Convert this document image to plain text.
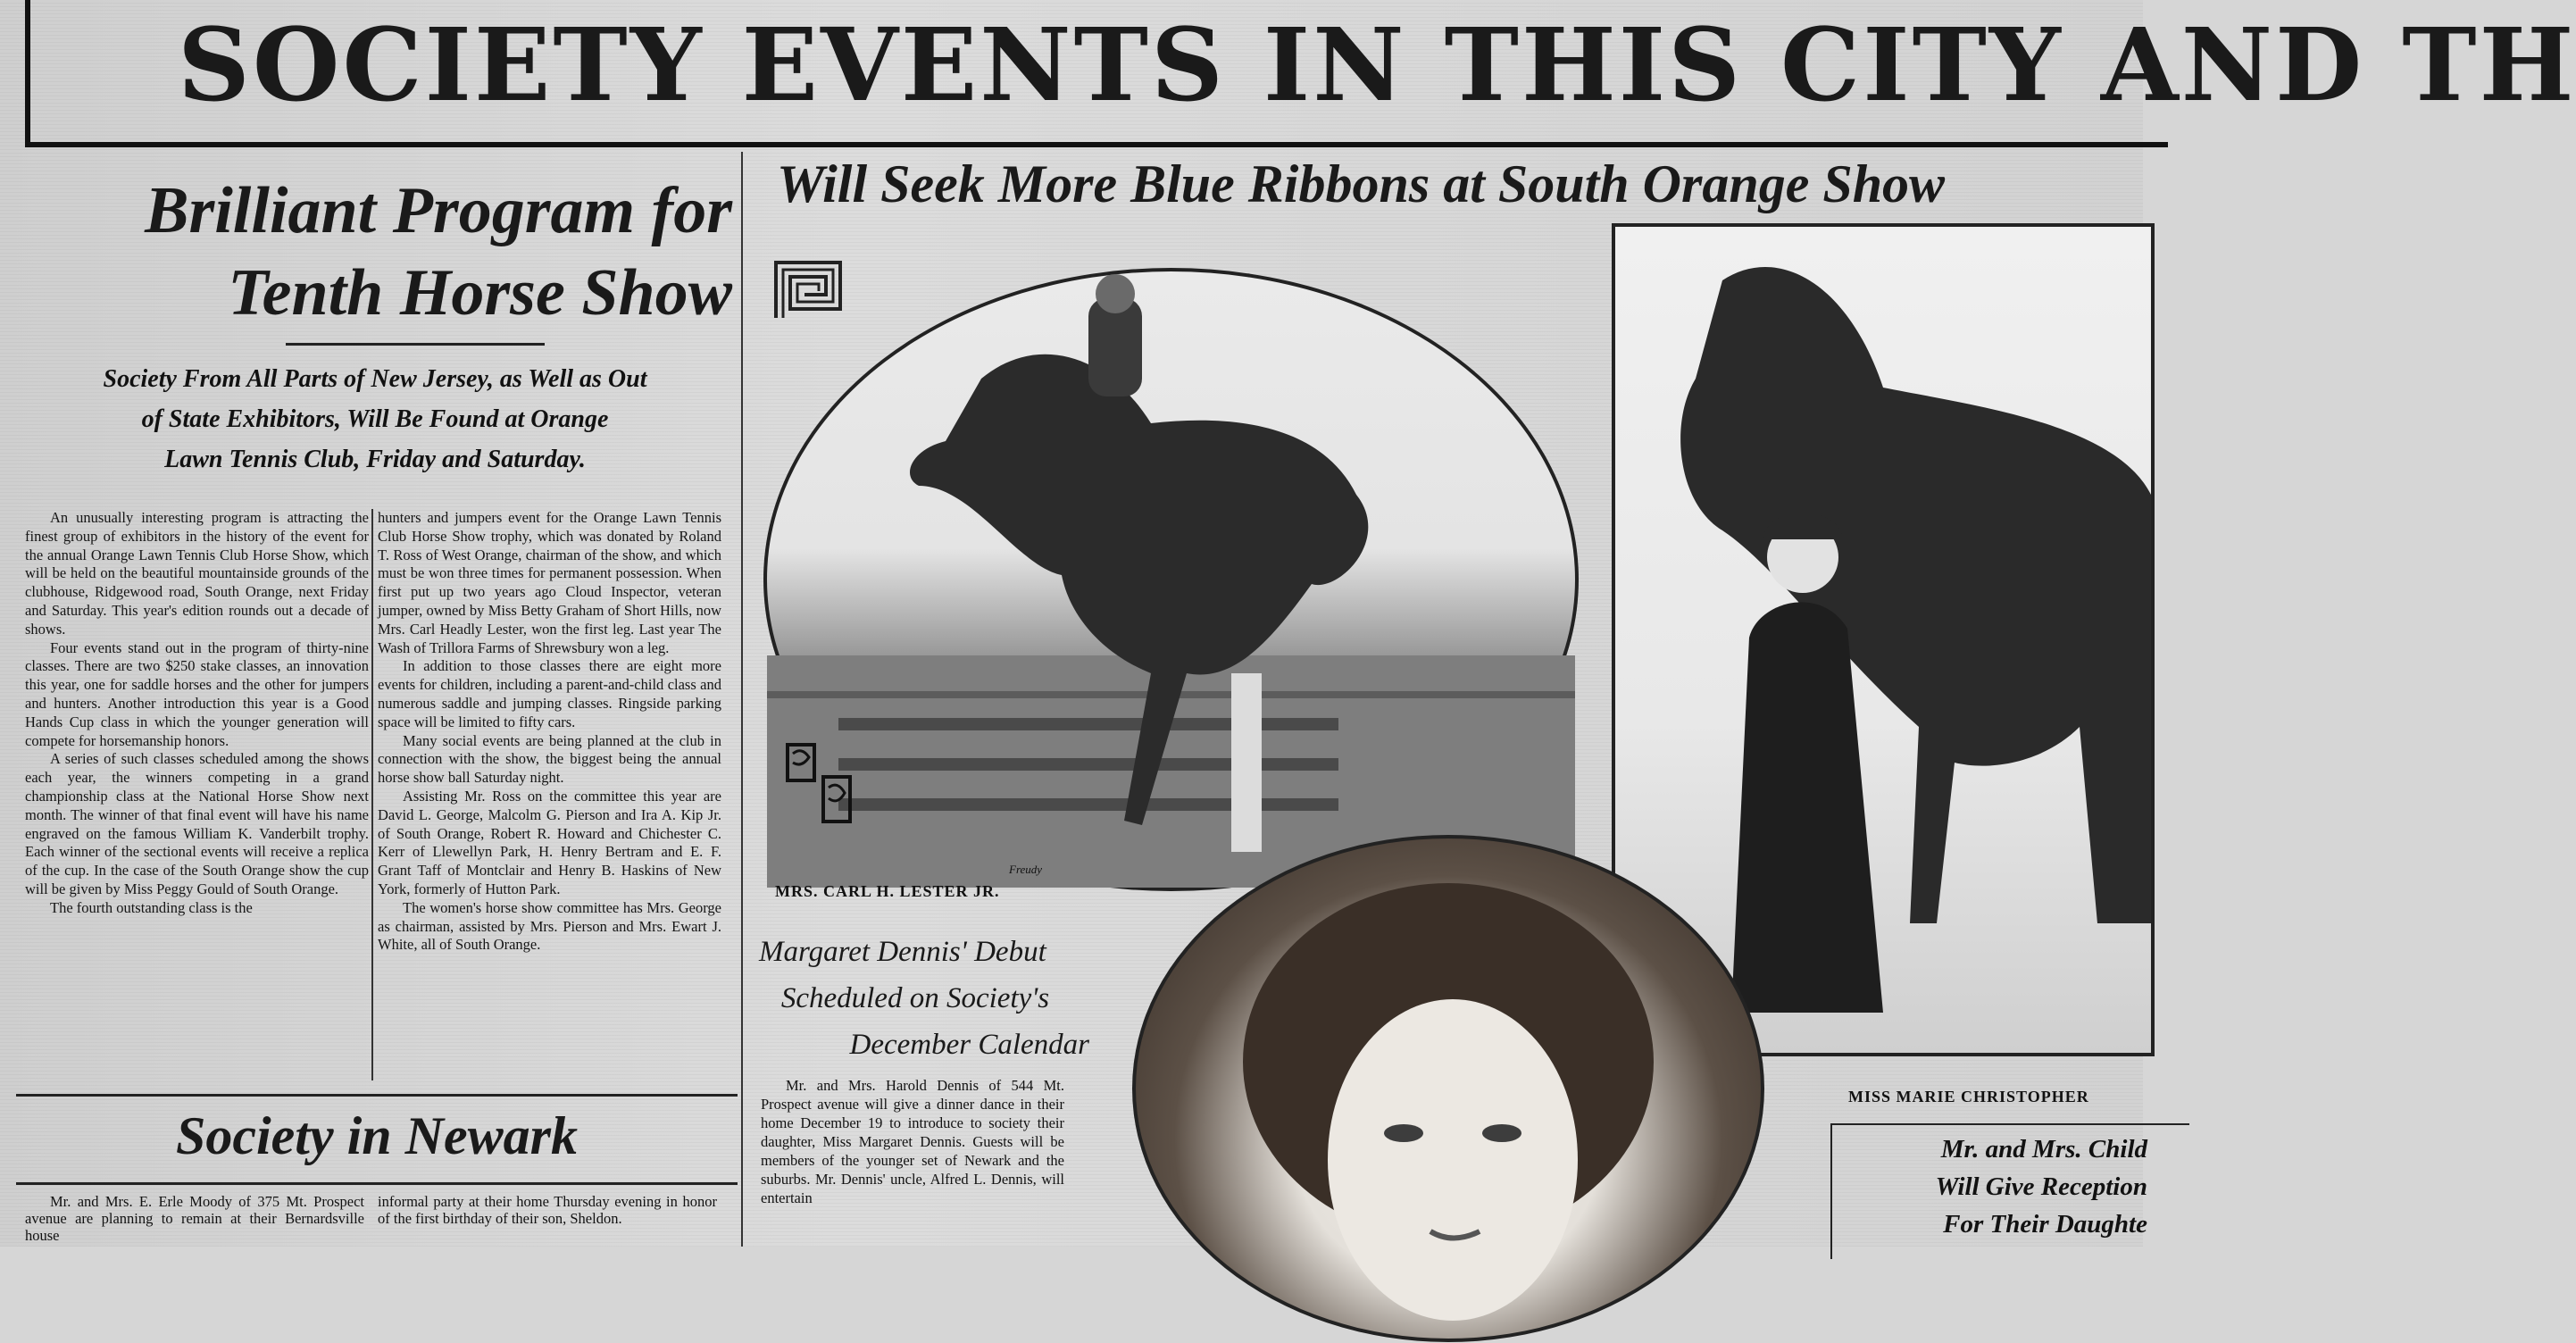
SOCIETY EVENTS IN THIS CITY AND TH
Brilliant Program for
Tenth Horse Show
Society From All Parts of New Jersey, as Well as Out
of State Exhibitors, Will Be Found at Orange
Lawn Tennis Club, Friday and Saturday.

An unusually interesting program is attracting the finest group of exhibitors in the history of the event for the annual Orange Lawn Tennis Club Horse Show, which will be held on the beautiful mountainside grounds of the clubhouse, Ridgewood road, South Orange, next Friday and Saturday. This year's edition rounds out a decade of shows.

Four events stand out in the program of thirty-nine classes. There are two $250 stake classes, an innovation this year, one for saddle horses and the other for jumpers and hunters. Another introduction this year is a Good Hands Cup class in which the younger generation will compete for horsemanship honors.

A series of such classes scheduled among the shows each year, the winners competing in a grand championship class at the National Horse Show next month. The winner of that final event will have his name engraved on the famous William K. Vanderbilt trophy. Each winner of the sectional events will receive a replica of the cup. In the case of the South Orange show the cup will be given by Miss Peggy Gould of South Orange.

The fourth outstanding class is the

hunters and jumpers event for the Orange Lawn Tennis Club Horse Show trophy, which was donated by Roland T. Ross of West Orange, chairman of the show, and which must be won three times for permanent possession. When first put up two years ago Cloud Inspector, veteran jumper, owned by Miss Betty Graham of Short Hills, now Mrs. Carl Headly Lester, won the first leg. Last year The Wash of Trillora Farms of Shrewsbury won a leg.

In addition to those classes there are eight more events for children, including a parent-and-child class and numerous saddle and jumping classes. Ringside parking space will be limited to fifty cars.

Many social events are being planned at the club in connection with the show, the biggest being the annual horse show ball Saturday night.

Assisting Mr. Ross on the committee this year are David L. George, Malcolm G. Pierson and Ira A. Kip Jr. of South Orange, Robert R. Howard and Chichester C. Kerr of Llewellyn Park, H. Henry Bertram and E. F. Grant Taff of Montclair and Henry B. Haskins of New York, formerly of Hutton Park.

The women's horse show committee has Mrs. George as chairman, assisted by Mrs. Pierson and Mrs. Ewart J. White, all of South Orange.

Society in Newark

Mr. and Mrs. E. Erle Moody of 375 Mt. Prospect avenue are planning to remain at their Bernardsville house

informal party at their home Thursday evening in honor of the first birthday of their son, Sheldon.

Will Seek More Blue Ribbons at South Orange Show
Freudy
MRS. CARL H. LESTER JR.
MISS MARIE CHRISTOPHER
Margaret Dennis' Debut
Scheduled on Society's
December Calendar

Mr. and Mrs. Harold Dennis of 544 Mt. Prospect avenue will give a dinner dance in their home December 19 to introduce to society their daughter, Miss Margaret Dennis. Guests will be members of the younger set of Newark and the suburbs. Mr. Dennis' uncle, Alfred L. Dennis, will entertain

Mr. and Mrs. Child
Will Give Reception
For Their Daughte
